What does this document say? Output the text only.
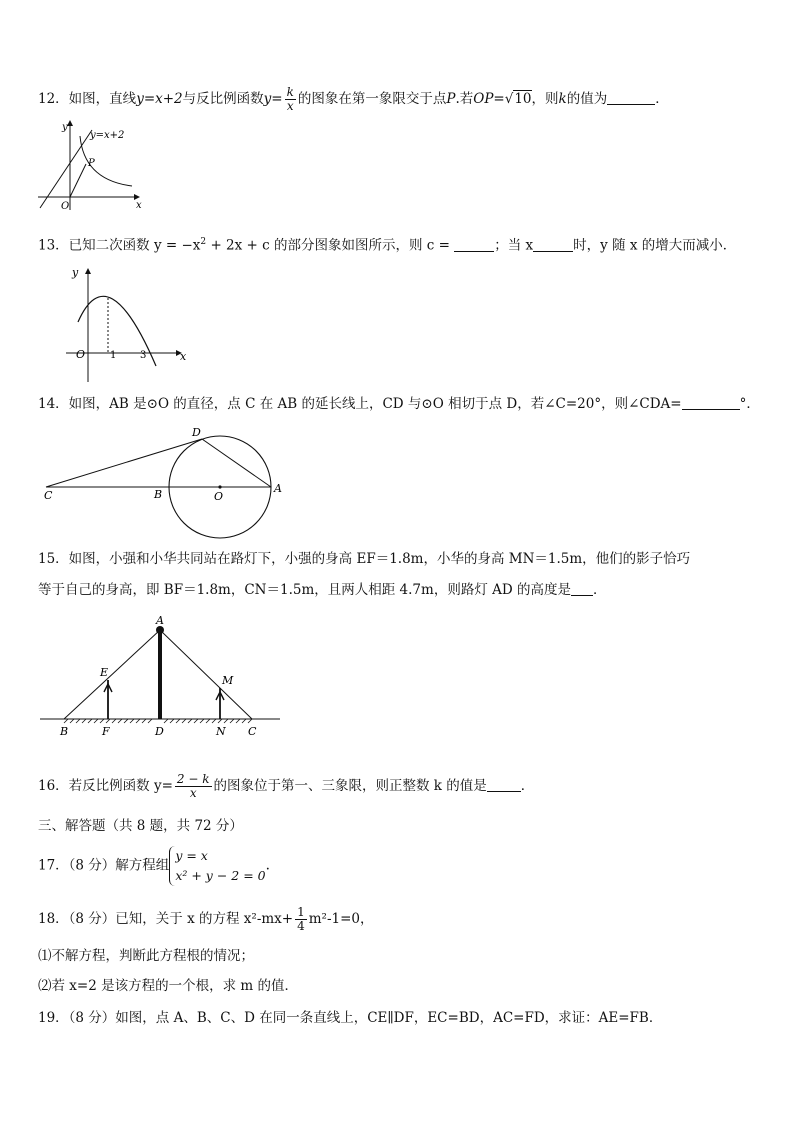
12．如图，直线y=x+2与反比例函数$y= \frac{k}{x}$ 的图象在第一象限交于点P.若OP=√10，则k的值为	．
y=x+2
y
x
O
P
13．已知二次函数 $y = -x^2 + 2x + c$ 的部分图象如图所示，则 c =	；当 x	时，y 随 x 的增大而减小．
y
x
O 1 3
14．如图，AB 是⊙O 的直径，点 C 在 AB 的延长线上，CD 与⊙O 相切于点 D，若∠C=20°，则∠CDA=	°．
C	B	O
A
D
15．如图，小强和小华共同站在路灯下，小强的身高 EF＝1.8m，小华的身高 MN＝1.5m，他们的影子恰巧
等于自己的身高，即 BF＝1.8m，CN＝1.5m，且两人相距 4.7m，则路灯 AD 的高度是 ．
A
E
M
B	F	D	N C
16．若反比例函数 $y= \frac{2 - k}{x}$ 的图象位于第一、三象限，则正整数 k 的值是	．
三、解答题（共 8 题，共 72 分）
17．（8 分）解方程组
y = x
x² + y − 2 = 0
.
18．（8 分）已知，关于 x 的方程 $x^2-mx+ \frac{1}{4} m^2-1=0$，
⑴不解方程，判断此方程根的情况；
⑵若 x=2 是该方程的一个根，求 m 的值．
19．（8 分）如图，点 A、B、C、D 在同一条直线上，CE∥DF，EC=BD，AC=FD，求证：AE=FB．
